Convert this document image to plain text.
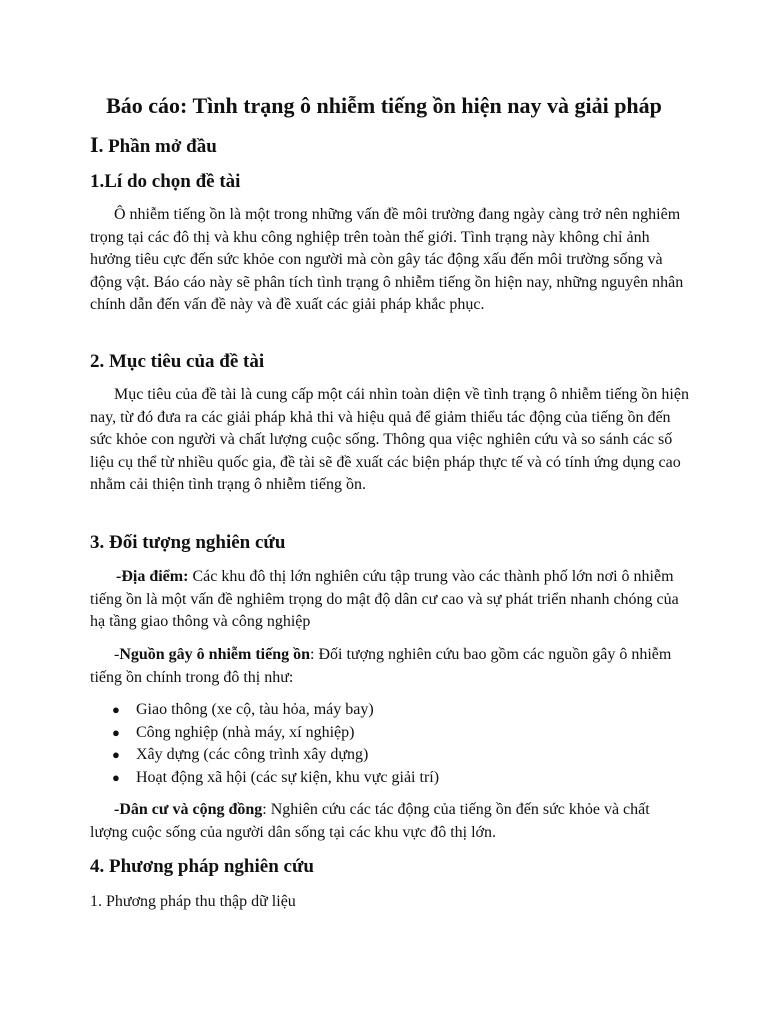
Báo cáo: Tình trạng ô nhiễm tiếng ồn hiện nay và giải pháp
I. Phần mở đầu
1.Lí do chọn đề tài

Ô nhiễm tiếng ồn là một trong những vấn đề môi trường đang ngày càng trở nên nghiêm trọng tại các đô thị và khu công nghiệp trên toàn thế giới. Tình trạng này không chỉ ảnh hưởng tiêu cực đến sức khỏe con người mà còn gây tác động xấu đến môi trường sống và động vật. Báo cáo này sẽ phân tích tình trạng ô nhiễm tiếng ồn hiện nay, những nguyên nhân chính dẫn đến vấn đề này và đề xuất các giải pháp khắc phục.

2. Mục tiêu của đề tài

Mục tiêu của đề tài là cung cấp một cái nhìn toàn diện về tình trạng ô nhiễm tiếng ồn hiện nay, từ đó đưa ra các giải pháp khả thi và hiệu quả để giảm thiểu tác động của tiếng ồn đến sức khỏe con người và chất lượng cuộc sống. Thông qua việc nghiên cứu và so sánh các số liệu cụ thể từ nhiều quốc gia, đề tài sẽ đề xuất các biện pháp thực tế và có tính ứng dụng cao nhằm cải thiện tình trạng ô nhiễm tiếng ồn.

3. Đối tượng nghiên cứu

-Địa điểm: Các khu đô thị lớn nghiên cứu tập trung vào các thành phố lớn nơi ô nhiễm tiếng ồn là một vấn đề nghiêm trọng do mật độ dân cư cao và sự phát triển nhanh chóng của hạ tầng giao thông và công nghiệp

-Nguồn gây ô nhiễm tiếng ồn: Đối tượng nghiên cứu bao gồm các nguồn gây ô nhiễm tiếng ồn chính trong đô thị như:

● Giao thông (xe cộ, tàu hỏa, máy bay)
● Công nghiệp (nhà máy, xí nghiệp)
● Xây dựng (các công trình xây dựng)
● Hoạt động xã hội (các sự kiện, khu vực giải trí)

-Dân cư và cộng đồng: Nghiên cứu các tác động của tiếng ồn đến sức khỏe và chất lượng cuộc sống của người dân sống tại các khu vực đô thị lớn.

4. Phương pháp nghiên cứu

1. Phương pháp thu thập dữ liệu
